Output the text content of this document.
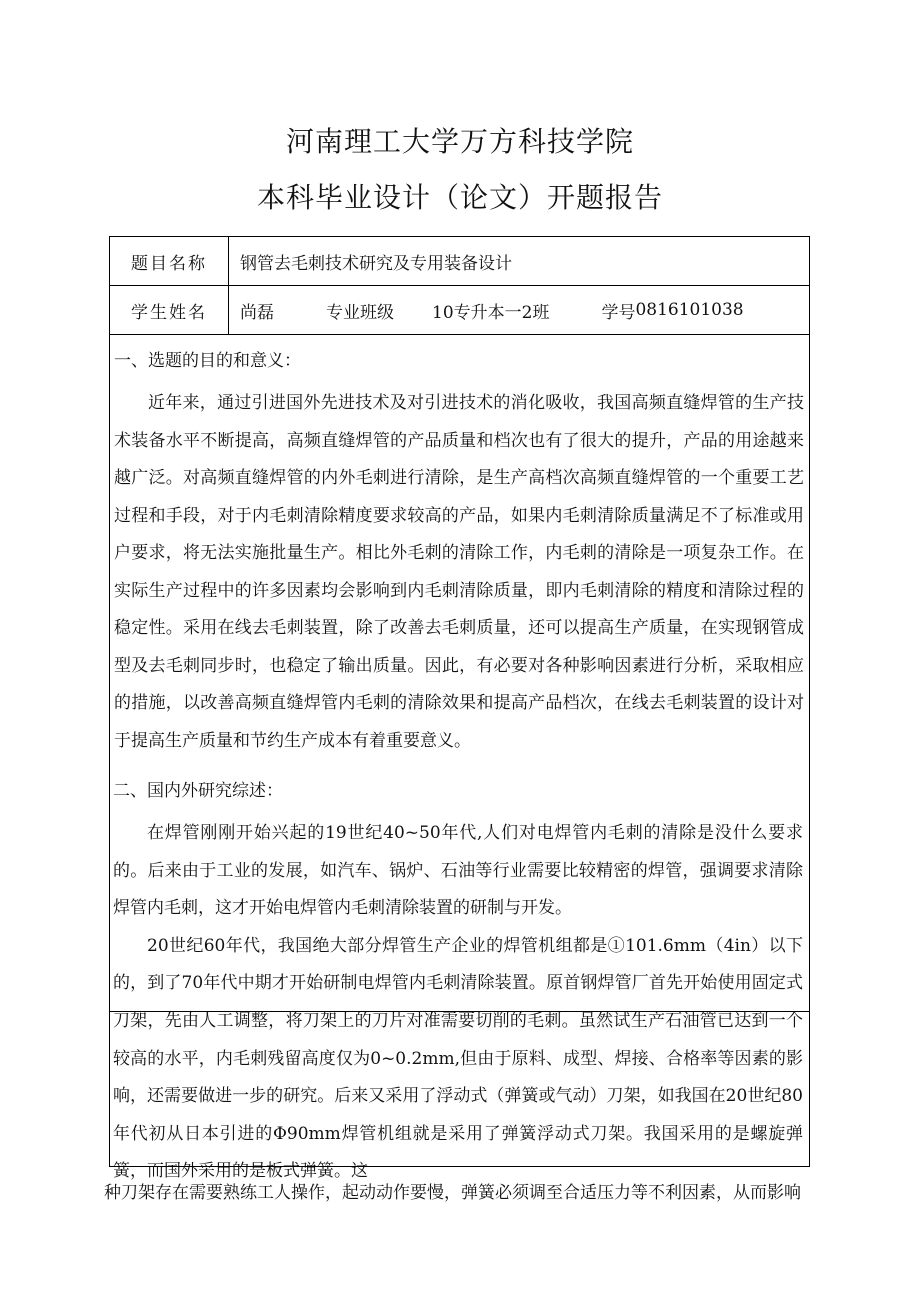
河南理工大学万方科技学院
本科毕业设计（论文）开题报告
题目名称	钢管去毛刺技术研究及专用装备设计
学生姓名	尚磊	专业班级 10专升本一2班	学号 0816101038
一、选题的目的和意义：

近年来，通过引进国外先进技术及对引进技术的消化吸收，我国高频直缝焊管的生产技术装备水平不断提高，高频直缝焊管的产品质量和档次也有了很大的提升，产品的用途越来越广泛。对高频直缝焊管的内外毛刺进行清除，是生产高档次高频直缝焊管的一个重要工艺过程和手段，对于内毛刺清除精度要求较高的产品，如果内毛刺清除质量满足不了标准或用户要求，将无法实施批量生产。相比外毛刺的清除工作，内毛刺的清除是一项复杂工作。在实际生产过程中的许多因素均会影响到内毛刺清除质量，即内毛刺清除的精度和清除过程的稳定性。采用在线去毛刺装置，除了改善去毛刺质量，还可以提高生产质量，在实现钢管成型及去毛刺同步时，也稳定了输出质量。因此，有必要对各种影响因素进行分析，采取相应的措施，以改善高频直缝焊管内毛刺的清除效果和提高产品档次，在线去毛刺装置的设计对于提高生产质量和节约生产成本有着重要意义。

二、国内外研究综述：

在焊管刚刚开始兴起的19世纪40~50年代,人们对电焊管内毛刺的清除是没什么要求的。后来由于工业的发展，如汽车、锅炉、石油等行业需要比较精密的焊管，强调要求清除焊管内毛刺，这才开始电焊管内毛刺清除装置的研制与开发。

20世纪60年代，我国绝大部分焊管生产企业的焊管机组都是①101.6mm（4in）以下的，到了70年代中期才开始研制电焊管内毛刺清除装置。原首钢焊管厂首先开始使用固定式刀架，先由人工调整，将刀架上的刀片对准需要切削的毛刺。虽然试生产石油管已达到一个较高的水平，内毛刺残留高度仅为0~0.2mm,但由于原料、成型、焊接、合格率等因素的影响，还需要做进一步的研究。后来又采用了浮动式（弹簧或气动）刀架，如我国在20世纪80年代初从日本引进的Φ90mm焊管机组就是采用了弹簧浮动式刀架。我国采用的是螺旋弹簧，而国外采用的是板式弹簧。这

种刀架存在需要熟练工人操作，起动动作要慢，弹簧必须调至合适压力等不利因素，从而影响
